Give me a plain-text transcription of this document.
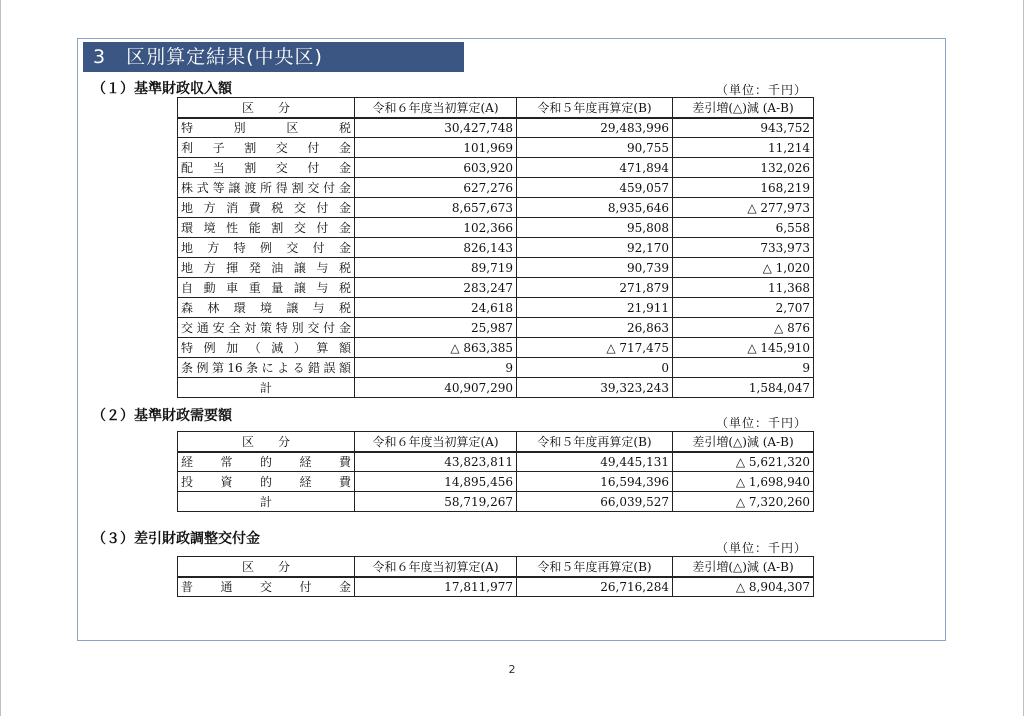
3　区別算定結果(中央区)
（１）基準財政収入額	（単位：千円）
区　　分	令和６年度当初算定(A)	令和５年度再算定(B)	差引増(△)減 (A-B)
特別区税	30,427,748	29,483,996	943,752
利子割交付金	101,969	90,755	11,214
配当割交付金	603,920	471,894	132,026
株式等譲渡所得割交付金	627,276	459,057	168,219
地方消費税交付金	8,657,673	8,935,646	△ 277,973
環境性能割交付金	102,366	95,808	6,558
地方特例交付金	826,143	92,170	733,973
地方揮発油譲与税	89,719	90,739	△ 1,020
自動車重量譲与税	283,247	271,879	11,368
森林環境譲与税	24,618	21,911	2,707
交通安全対策特別交付金	25,987	26,863	△ 876
特例加（減）算額	△ 863,385	△ 717,475	△ 145,910
条例第16条による錯誤額	9	0	9
計	40,907,290	39,323,243	1,584,047
（２）基準財政需要額	（単位：千円）
区　　分	令和６年度当初算定(A)	令和５年度再算定(B)	差引増(△)減 (A-B)
経常的経費	43,823,811	49,445,131	△ 5,621,320
投資的経費	14,895,456	16,594,396	△ 1,698,940
計	58,719,267	66,039,527	△ 7,320,260
（３）差引財政調整交付金
（単位：千円）
区　　分	令和６年度当初算定(A)	令和５年度再算定(B)	差引増(△)減 (A-B)
普通交付金	17,811,977	26,716,284	△ 8,904,307
2
